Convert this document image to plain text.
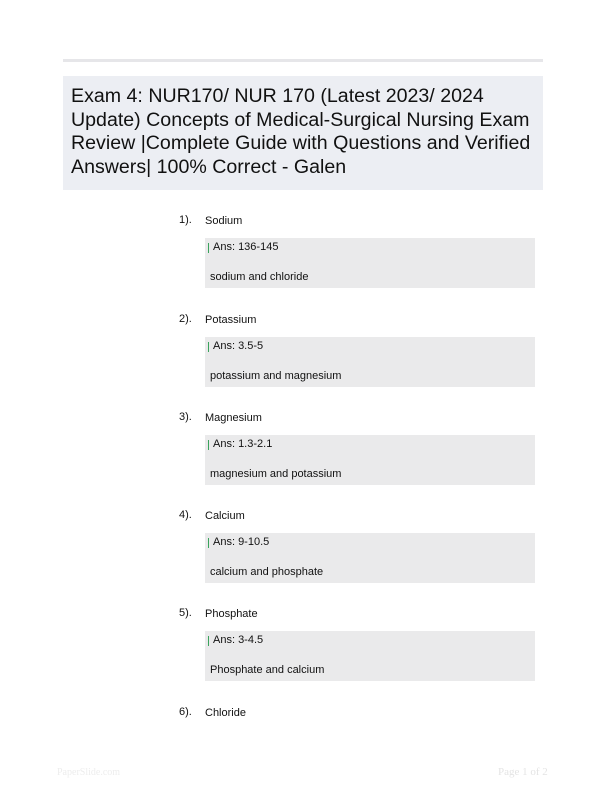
Exam 4: NUR170/ NUR 170 (Latest 2023/ 2024 Update) Concepts of Medical-Surgical Nursing Exam Review |Complete Guide with Questions and Verified Answers| 100% Correct - Galen
1). Sodium
Ans: 136-145
sodium and chloride
2). Potassium
Ans: 3.5-5
potassium and magnesium
3). Magnesium
Ans: 1.3-2.1
magnesium and potassium
4). Calcium
Ans: 9-10.5
calcium and phosphate
5). Phosphate
Ans: 3-4.5
Phosphate and calcium
6). Chloride
PaperSlide.com	Page 1 of 2
